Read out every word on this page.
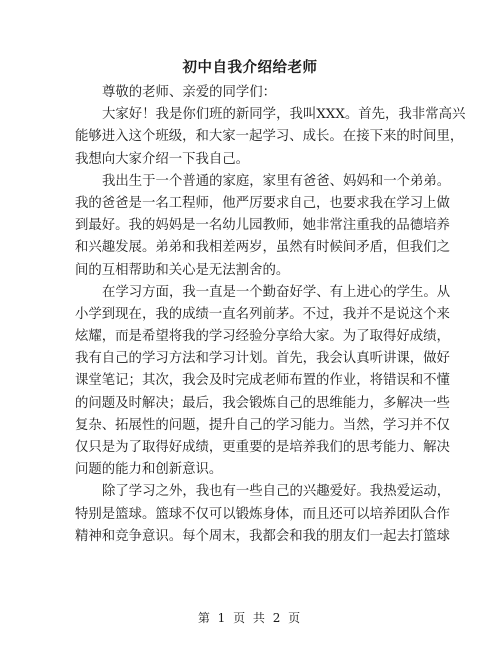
初中自我介绍给老师
尊敬的老师、亲爱的同学们：
大家好！我是你们班的新同学，我叫XXX。首先，我非常高兴
能够进入这个班级，和大家一起学习、成长。在接下来的时间里，
我想向大家介绍一下我自己。
我出生于一个普通的家庭，家里有爸爸、妈妈和一个弟弟。
我的爸爸是一名工程师，他严厉要求自己，也要求我在学习上做
到最好。我的妈妈是一名幼儿园教师，她非常注重我的品德培养
和兴趣发展。弟弟和我相差两岁，虽然有时候间矛盾，但我们之
间的互相帮助和关心是无法割舍的。
在学习方面，我一直是一个勤奋好学、有上进心的学生。从
小学到现在，我的成绩一直名列前茅。不过，我并不是说这个来
炫耀，而是希望将我的学习经验分享给大家。为了取得好成绩，
我有自己的学习方法和学习计划。首先，我会认真听讲课，做好
课堂笔记；其次，我会及时完成老师布置的作业，将错误和不懂
的问题及时解决；最后，我会锻炼自己的思维能力，多解决一些
复杂、拓展性的问题，提升自己的学习能力。当然，学习并不仅
仅只是为了取得好成绩，更重要的是培养我们的思考能力、解决
问题的能力和创新意识。
除了学习之外，我也有一些自己的兴趣爱好。我热爱运动，
特别是篮球。篮球不仅可以锻炼身体，而且还可以培养团队合作
精神和竞争意识。每个周末，我都会和我的朋友们一起去打篮球
第 1 页 共 2 页
